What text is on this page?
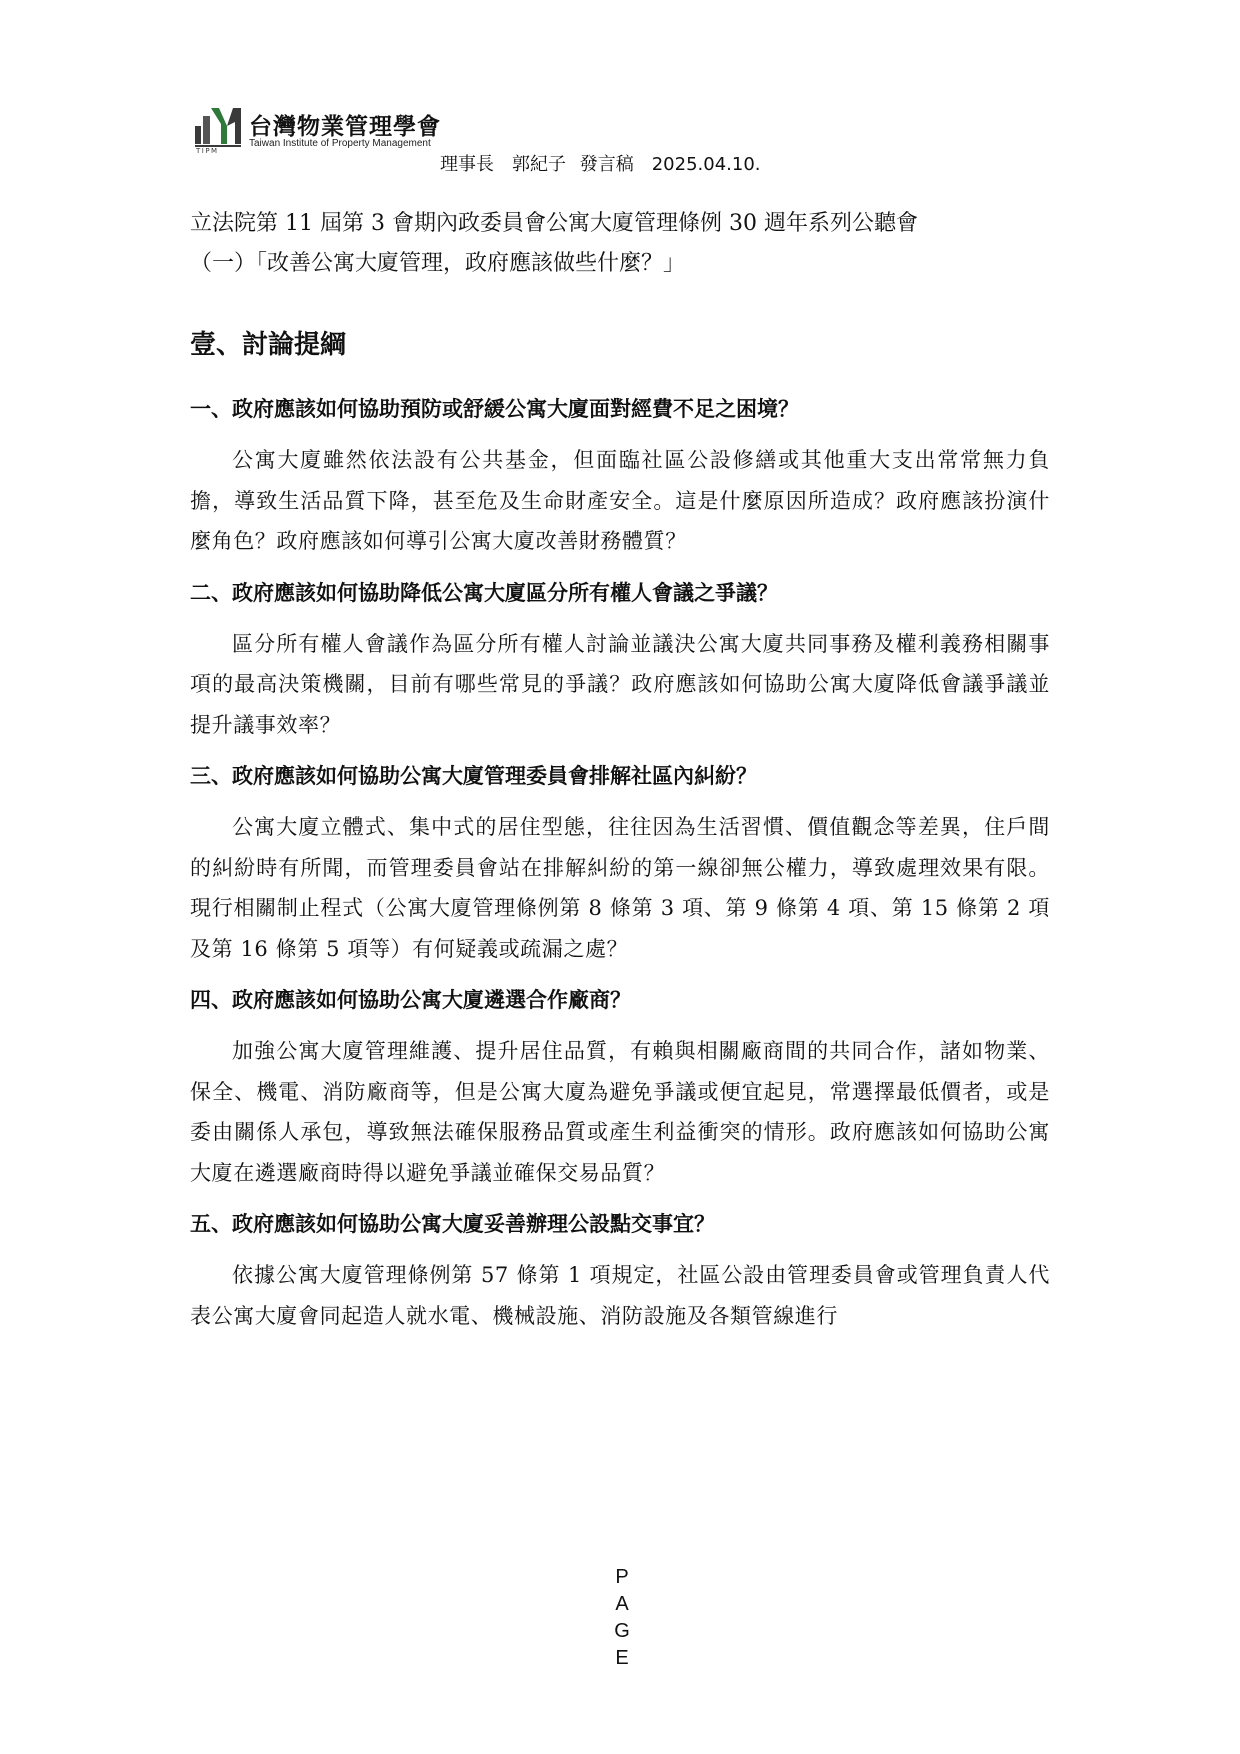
TIPM
台灣物業管理學會
Taiwan Institute of Property Management
理事長　郭紀子 發言稿　2025.04.10.

立法院第 11 屆第 3 會期內政委員會公寓大廈管理條例 30 週年系列公聽會

（一）「改善公寓大廈管理，政府應該做些什麼？」

壹、討論提綱
一、政府應該如何協助預防或舒緩公寓大廈面對經費不足之困境？

公寓大廈雖然依法設有公共基金，但面臨社區公設修繕或其他重大支出常常無力負擔，導致生活品質下降，甚至危及生命財產安全。這是什麼原因所造成？政府應該扮演什麼角色？政府應該如何導引公寓大廈改善財務體質？

二、政府應該如何協助降低公寓大廈區分所有權人會議之爭議？

區分所有權人會議作為區分所有權人討論並議決公寓大廈共同事務及權利義務相關事項的最高決策機關，目前有哪些常見的爭議？政府應該如何協助公寓大廈降低會議爭議並提升議事效率？

三、政府應該如何協助公寓大廈管理委員會排解社區內糾紛？

公寓大廈立體式、集中式的居住型態，往往因為生活習慣、價值觀念等差異，住戶間的糾紛時有所聞，而管理委員會站在排解糾紛的第一線卻無公權力，導致處理效果有限。現行相關制止程式（公寓大廈管理條例第 8 條第 3 項、第 9 條第 4 項、第 15 條第 2 項及第 16 條第 5 項等）有何疑義或疏漏之處？

四、政府應該如何協助公寓大廈遴選合作廠商？

加強公寓大廈管理維護、提升居住品質，有賴與相關廠商間的共同合作，諸如物業、保全、機電、消防廠商等，但是公寓大廈為避免爭議或便宜起見，常選擇最低價者，或是委由關係人承包，導致無法確保服務品質或產生利益衝突的情形。政府應該如何協助公寓大廈在遴選廠商時得以避免爭議並確保交易品質？

五、政府應該如何協助公寓大廈妥善辦理公設點交事宜？

依據公寓大廈管理條例第 57 條第 1 項規定，社區公設由管理委員會或管理負責人代表公寓大廈會同起造人就水電、機械設施、消防設施及各類管線進行

P
A
G
E
